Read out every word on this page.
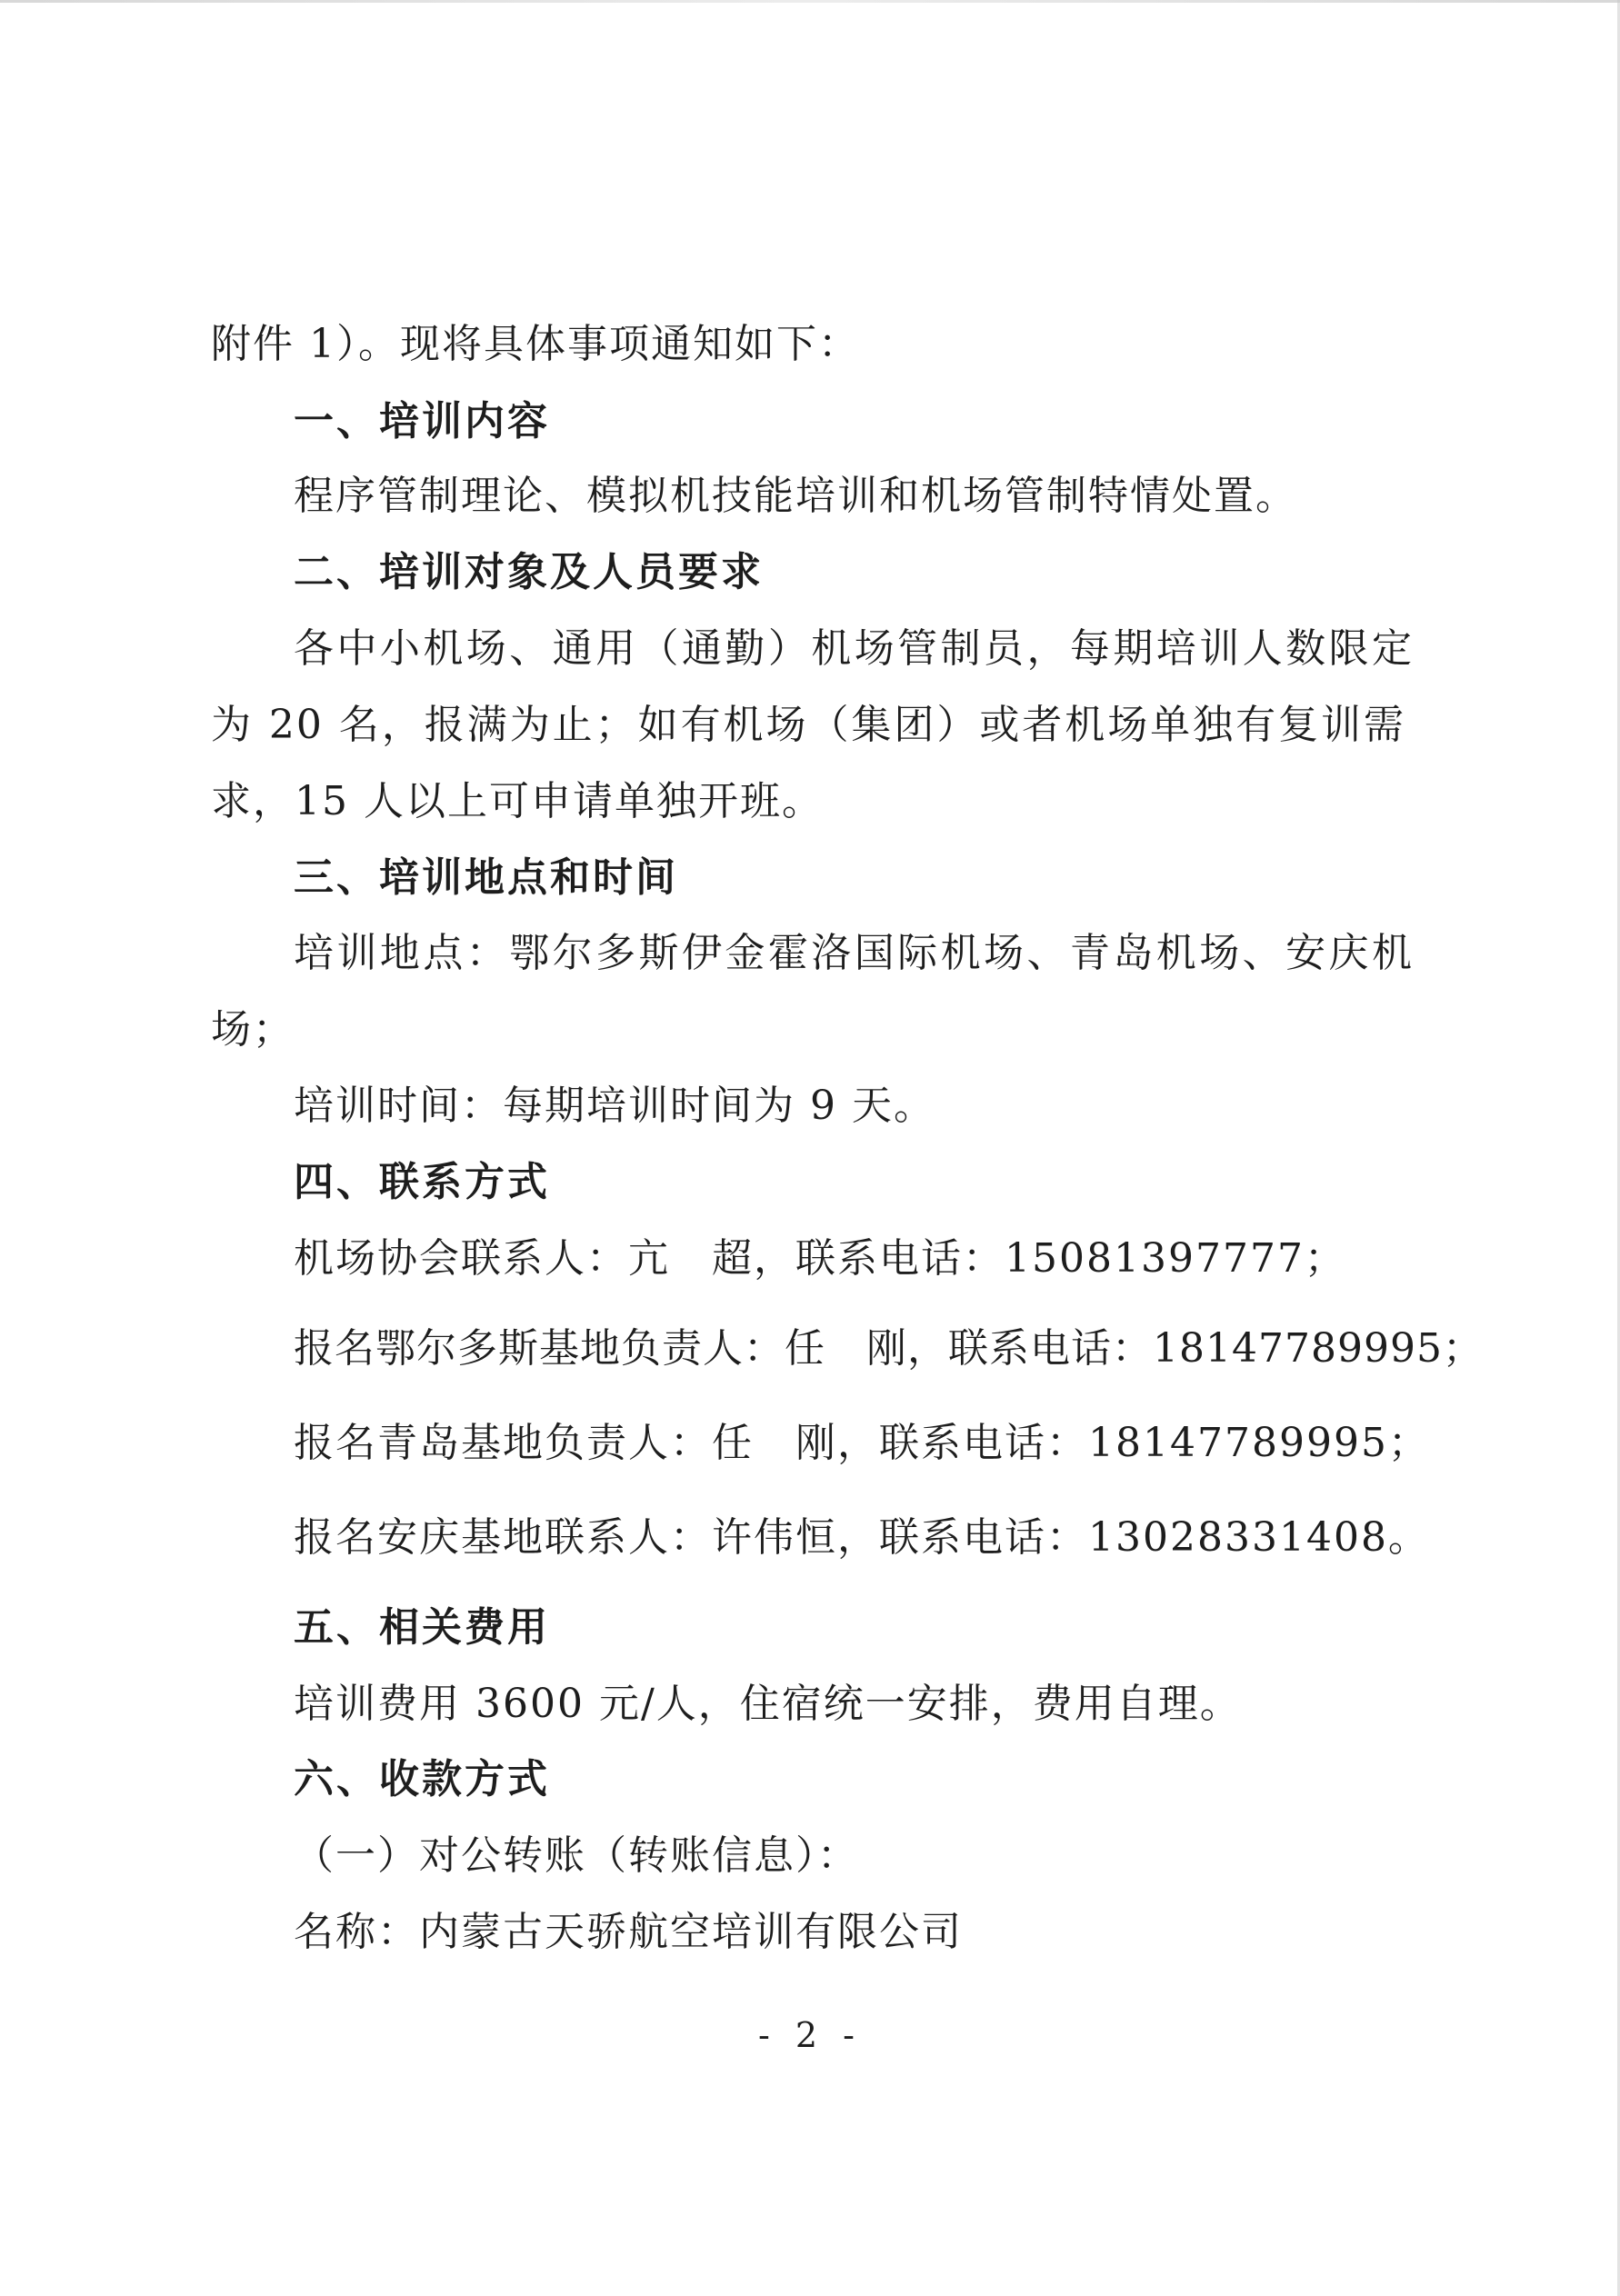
附件 1）。现将具体事项通知如下：
一、培训内容
程序管制理论、模拟机技能培训和机场管制特情处置。
二、培训对象及人员要求
各中小机场、通用（通勤）机场管制员，每期培训人数限定
为 20 名，报满为止；如有机场（集团）或者机场单独有复训需
求，15 人以上可申请单独开班。
三、培训地点和时间
培训地点：鄂尔多斯伊金霍洛国际机场、青岛机场、安庆机
场；
培训时间：每期培训时间为 9 天。
四、联系方式
机场协会联系人：亢　超，联系电话：15081397777；
报名鄂尔多斯基地负责人：任　刚，联系电话：18147789995；
报名青岛基地负责人：任　刚，联系电话：18147789995；
报名安庆基地联系人：许伟恒，联系电话：13028331408。
五、相关费用
培训费用 3600 元/人，住宿统一安排，费用自理。
六、收款方式
（一）对公转账（转账信息）：
名称：内蒙古天骄航空培训有限公司
- 2 -
